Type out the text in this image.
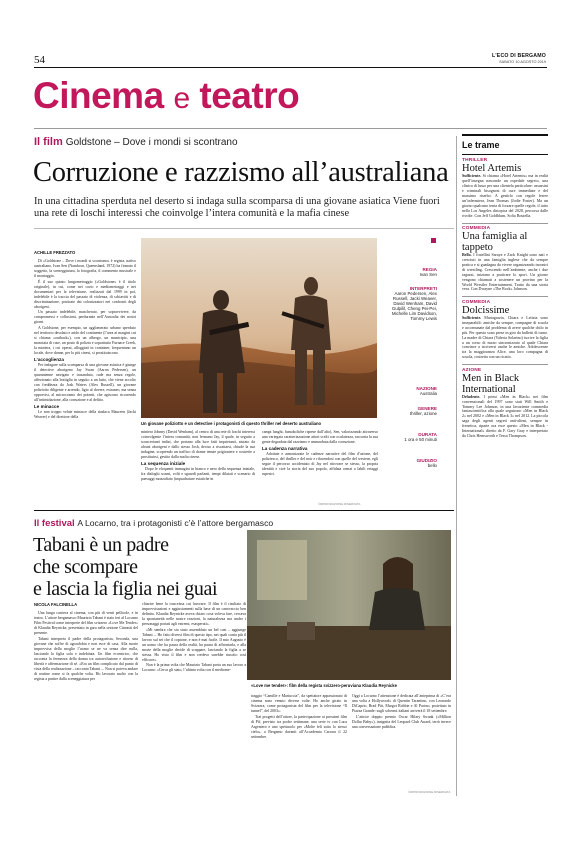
54	L'ECO DI BERGAMO
SABATO 10 AGOSTO 2019
Cinema e teatro
Il film Goldstone – Dove i mondi si scontrano
Corruzione e razzismo all’australiana
In una cittadina sperduta nel deserto si indaga sulla scomparsa di una giovane asiatica Viene fuori una rete di loschi interessi che coinvolge l’intera comunità e la mafia cinese
ACHILLE FREZZATO

Di «Goldstone – Dove i mondi si scontrano» è regista, nativo australiano, Ivan Sen (Nambour, Queensland, 1972) ha firmato il soggetto, la sceneggiatura, la fotografia, il commento musicale e il montaggio.

È il suo quinto lungometraggio («Goldstone» è il titolo originale), in cui, come nei corto e mediometraggi e nei documentari per la televisione, realizzati dal 1999 in poi, indelebile è la traccia del passato di violenza, di schiavitù e di discriminazione, praticate dai colonizzatori nei confronti degli aborigeni.

Un passato indelebile, mascherato, per sopravvivere, da compromessi e collusioni, perdurante nell’Australia dei nostri giorni.

A Goldstone, per esempio, un agglomerato urbano sperduto nel territorio desolato e arido del continente (l’area ai margini cui si chiama «outback»), con un albergo, un municipio, una manciata di case, un posto di polizia e soprattutto Furnace Creek, la miniera, i cui operai, alloggiati in container, frequentano un locale, dove donne, per lo più cinesi, si prostituiscono.

L’accoglienza

Per indagare sulla scomparsa di una giovane asiatica è giunge il detective aborigeno Jay Swan (Aaron Pedersen), un quarantenne navigato e trasandato, rude ma senza regole, affezionato alla bottiglia in seguito a un lutto, che viene accolto con freddezza da Josh Waters (Alex Russell), un giovane poliziotto diligente e arrendo, ligio al dovere, estraneo, ma senza opporvisi, al microcosmo dei potenti, che agiscono ricorrendo all’intimidazione, alla corruzione e al delitto.

Le minacce

Le non troppo velate minacce della sindaca Maureen (Jacki Weaver) e del direttore della

Un giovane poliziotto e un detective i protagonisti di questo thriller nel deserto australiano

miniera Johnny (David Wenham), al centro di una rete di loschi interessi coinvolgente l’intera comunità, non fermano Jay, il quale, in seguito a sconcertanti indizi, che portano alla luce fatti inquietanti, aiutato da alcuni aborigeni e dallo stesso Josh, deciso a riscattarsi, chiude la sua indagine, scoprendo un traffico di donne tenute prigioniere e costrette a prostituirsi, gestito dalla mafia cinese.

La sequenza iniziale

Dopo le eloquenti immagini in bianco e nero della sequenza iniziale, fra dialoghi scarni, volti e sguardi parlanti, tempi dilatati e scenario di paesaggi mozzafiato (inquadrature estatiche in

campi lunghi, fumaboliche riprese dall’alto), Sen, valorizzando attraverso una variegata caratterizzazione attori scelti con oculatezza, racconta la sua gente degradata dal razzismo e ammorbata dalla corruzione.

La cadenza narrativa

Adottate e armonizzate le cadenze narrative del film d’azione, del poliziesco, del thriller e del noir e rifacendosi con quelle del western, egli segue il percorso accidentato di Jay nel ritrovare se stesso, la propria identità e cioè la storia del suo popolo, affidata ormai a labili retaggi rupestri.

©RIPRODUZIONE RISERVATA
REGIA
Ivan Sen
INTERPRETI
Aaron Pedersen, Alex Russell, Jacki Weaver, David Wenham, David Gulpilil, Cheng Pei-Pei, Michelle Lim Davidson, Tommy Lewis
NAZIONE
Australia
GENERE
thriller, azione
DURATA
1 ora e 50 minuti
GIUDIZIO
bello
Il festival A Locarno, tra i protagonisti c’è l’attore bergamasco
Tabani è un padre
che scompare
e lascia la figlia nei guai
«Love me tender»: film della regista svizzero-peruviana Klaudia Reynicke
NICOLA FALCINELLA

Una lunga carriera al cinema, con più di venti pellicole, e in teatro. L’attore bergamasco Maurizio Tabani è stato ieri al Locarno Film Festival come interprete del film svizzero «Love Me Tender» di Klaudia Reynicke, presentato in gara nella sezione Cineasti del presente.

Tabani interpreta il padre della protagonista, Seconda, una giovane che soffre di agorafobia e non esce di casa. Alla morte improvvisa della moglie l’uomo se ne va senza dire nulla, lasciando la figlia sola e indebitata. Un film eccentrico, che racconta la fermezza della donna tra autoreclusione e ritorno di libertà e affermazione di sé. «Era un film complicato dal punto di vista della realizzazione – racconta Tabani –. Non si poteva andare di routine come si fa qualche volta. Ho lavorato molto con la regista a partire dalla sceneggiatura per

chiarire bene la trasceissa cui lavorare. Il film è il risultato di improvvisazioni e aggiustamenti sulla base di un canovaccio ben definito. Klaudia Reynicke aveva chiaro cosa voleva fare, cercava la spontaneità nelle nostre reazioni, la naturalezza ma anche i personaggi portati agli estremi, esasperati».

«Mi sembra che sia stato assemblato un bel cast – aggiunge Tabani –. Ho fatto diversi film di questo tipo, nei quali conta più il lavoro sul set che il copione, e non è mai facile. Il mio Augusto è un uomo che ha paura della realtà, ha paura di affrontarla, e alla morte della moglie decide di scappare, lasciando la figlia a se stessa. Ho visto il film e non credevo sarebbe riuscito così efficace».

Non è la prima volta che Maurizio Tabani porta un suo lavoro a Locarno: «Cerca gli stato, l’ultima volta con il mediome-

traggio “Camille e Mariuccia”, da spettatore appassionato di cinema sono venuto diverse volte. Ho anche girato in Svizzera, come protagonista del film per la televisione “Il tunnel”, del 2003».

Trai progetti dell’attore, la partecipazione ai prossimi film di Pif, previsto tra poche settimane, una serie tv con Luca Argentero e uno spettacolo per «Molte feli sotto lo stesso cielo», a Bergamo davanti all’Accademia Carrara il 22 settembre.

Oggi a Locarno l’attenzione è dedicata all’anteprima di «C’era una volta a Hollywood» di Quentin Tarantino, con Leonardo DiCaprio, Brad Pitt, Margot Robbie e Al Pacino, proiettato in Piazza Grande: sugli schermi italiani arriverà il 18 settembre.

L’attrice doppio premio Oscar Hilary Swank («Million Dollar Baby»), insignita del Leopard Club Award, terrà invece una conversazione pubblica.

©RIPRODUZIONE RISERVATA
Le trame
THRILLER
Hotel Artemis
Sufficiente. Si chiama «Hotel Artemis» ma in realtà quell’insegna nasconde un ospedale segreto, una clinica di lusso per una clientela particolare: assassini e criminali bisognosi di cure immediate e del massimo riserbo. A gestirlo con regole ferree un’infermiera, Jean Thomas (Jodie Foster). Ma un giorno qualcuno tenta di forzare quelle regole, il tutto nella Los Angeles distopica del 2028, percorsa dalle rivolte. Con Jeff Goldblum, Sofia Boutella.
COMMEDIA
Una famiglia al tappeto
Bello. I fratellini Saraya e Zack Knight sono nati e cresciuti in una famiglia inglese che da sempre pratica e si guadagna da vivere organizzando incontri di wrestling. Crescendo nell’ambiente, anche i due ragazzi, iniziano a praticare lo sport. Un giorno vengono chiamati a sostenere un provino per la World Wrestler Entertainment. Tratto da una storia vera. Con Dwayne «The Rock» Johnson.
COMMEDIA
Dolcissime
Sufficiente. Mariagrazia, Chiara e Letizia sono inseparabili: amiche da sempre, compagne di scuola e accomunate dal problema di avere qualche chilo in più. Per questo sono prese in giro da bulletti di turno. La madre di Chiara (Valeria Solarino) iscrive la figlia a un corso di nuoto sincronizzato al quale Chiara convince a iscriversi anche le amiche. Adolescenze tra la maggioranza Alice, una loro compagna di scuola, costretta con un ricatto.
AZIONE
Men in Black International
Deludente. I primi «Men in Black» nei film convenzionali del 1997 sono stati Will Smith e Tommy Lee Johnson, in una lavaziente commedia fantascientifica alla quale seguirono «Men in Black 2» nel 2002 e «Men in Black 3» nel 2012. La piccola saga degli agenti segreti anti-alieni, sempre in frenetica, riparte ora esce questo «Men in Black - International» diretto da F. Gary Gray e interpretato da Chris Hemsworth e Tessa Thompson.
